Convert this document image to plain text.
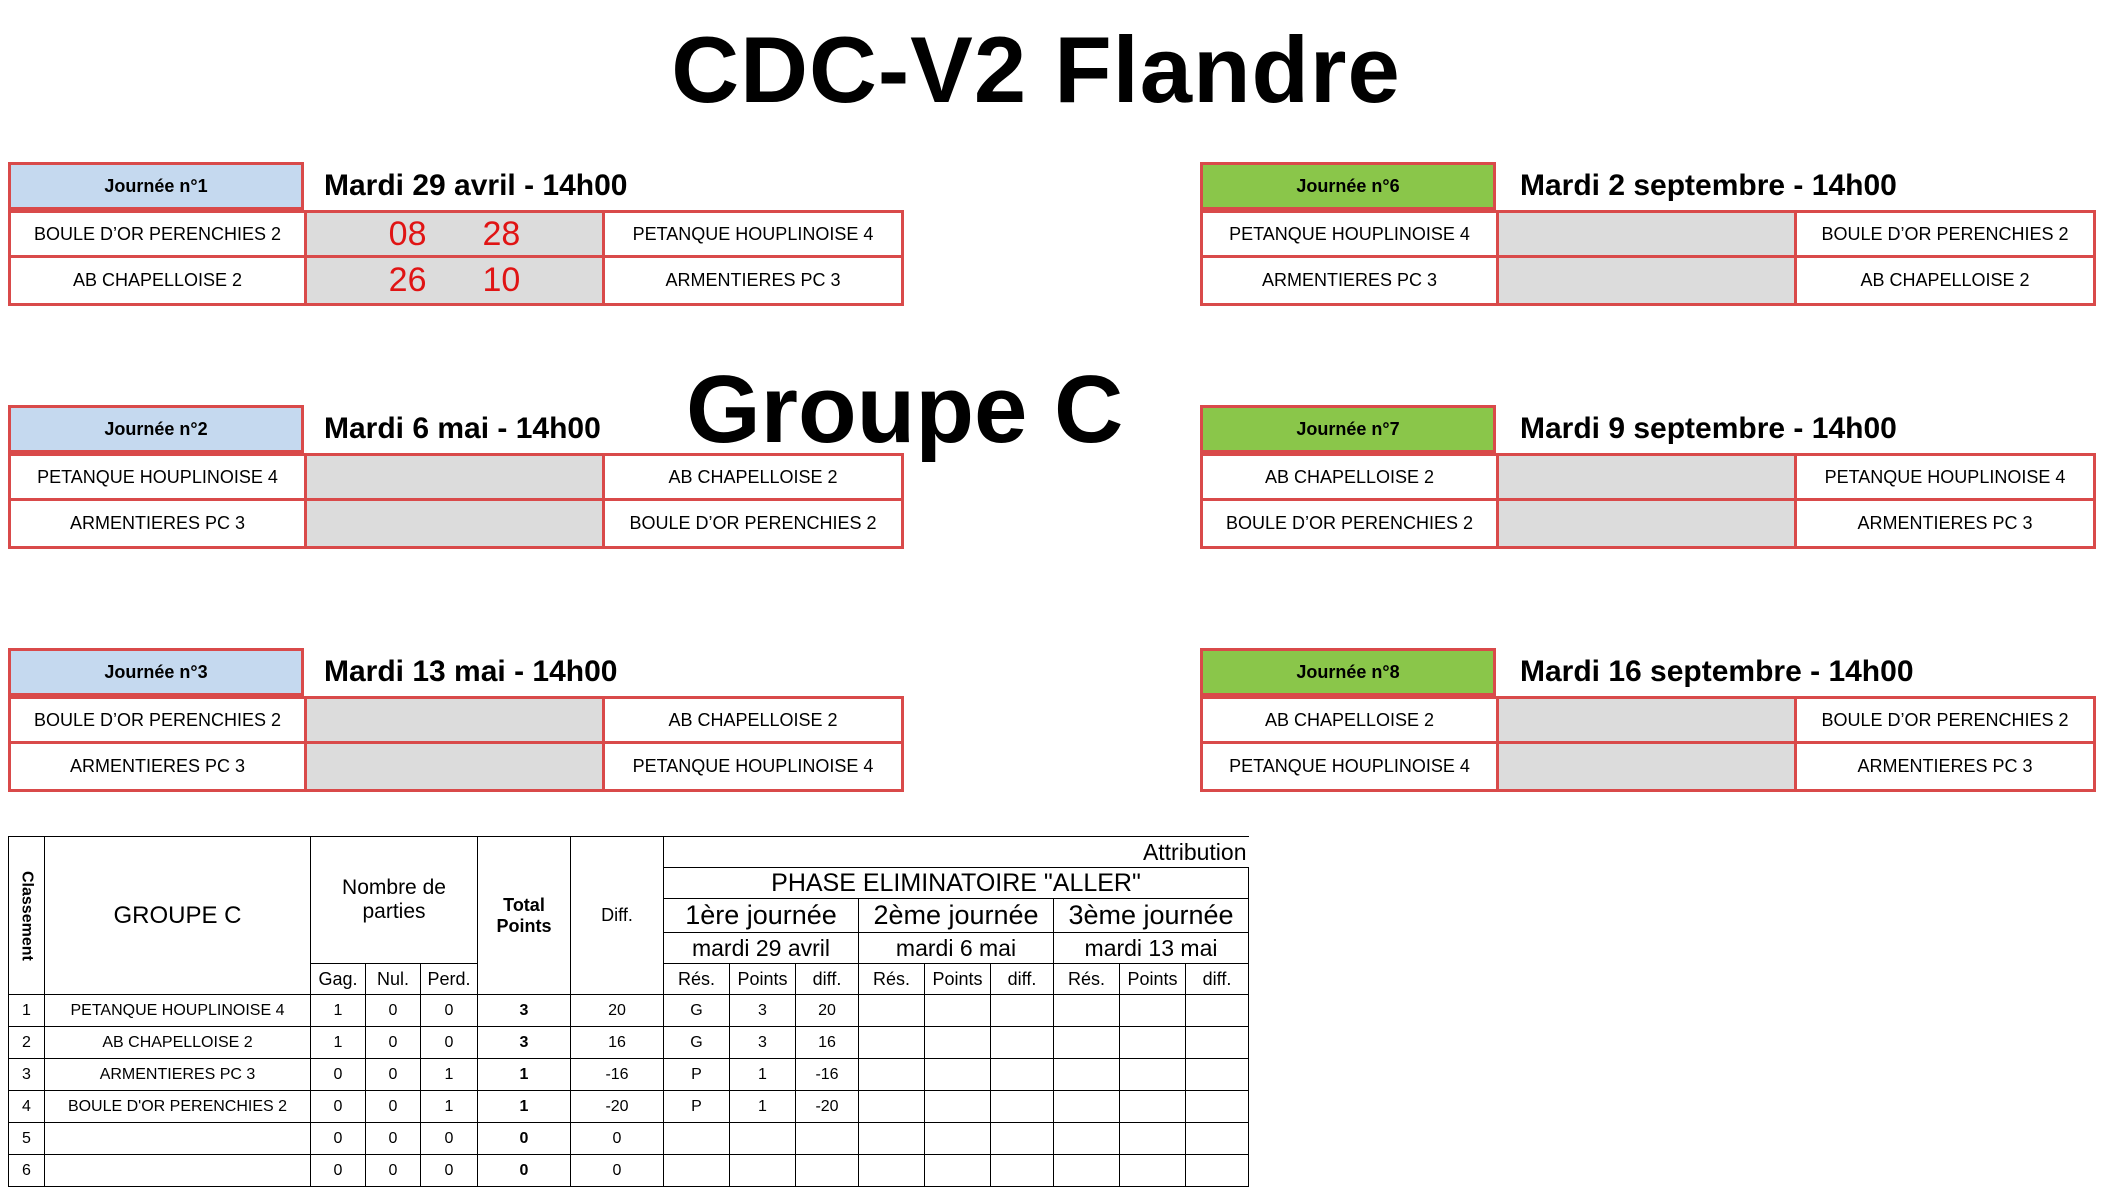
CDC-V2 Flandre
Groupe C
Journée n°1	Mardi 29 avril - 14h00
BOULE D’OR PERENCHIES 2	08 28	PETANQUE HOUPLINOISE 4
AB CHAPELLOISE 2	26 10	ARMENTIERES PC 3
Journée n°2	Mardi 6 mai - 14h00
PETANQUE HOUPLINOISE 4	AB CHAPELLOISE 2
ARMENTIERES PC 3	BOULE D’OR PERENCHIES 2
Journée n°3	Mardi 13 mai - 14h00
BOULE D’OR PERENCHIES 2	AB CHAPELLOISE 2
ARMENTIERES PC 3	PETANQUE HOUPLINOISE 4
Journée n°6	Mardi 2 septembre - 14h00
PETANQUE HOUPLINOISE 4	BOULE D’OR PERENCHIES 2
ARMENTIERES PC 3	AB CHAPELLOISE 2
Journée n°7	Mardi 9 septembre - 14h00
AB CHAPELLOISE 2	PETANQUE HOUPLINOISE 4
BOULE D’OR PERENCHIES 2	ARMENTIERES PC 3
Journée n°8	Mardi 16 septembre - 14h00
AB CHAPELLOISE 2	BOULE D’OR PERENCHIES 2
PETANQUE HOUPLINOISE 4	ARMENTIERES PC 3
Classement	GROUPE C	Nombre de parties			Total Points	Diff.	Attribution								
							PHASE ELIMINATOIRE "ALLER"								
							1ère journée			2ème journée			3ème journée		
							mardi 29 avril			mardi 6 mai			mardi 13 mai		
		Gag.	Nul.	Perd.			Rés.	Points	diff.	Rés.	Points	diff.	Rés.	Points	diff.
1	PETANQUE HOUPLINOISE 4	1	0	0	3	20	G	3	20						
2	AB CHAPELLOISE 2	1	0	0	3	16	G	3	16						
3	ARMENTIERES PC 3	0	0	1	1	-16	P	1	-16						
4	BOULE D'OR PERENCHIES 2	0	0	1	1	-20	P	1	-20						
5		0	0	0	0	0									
6		0	0	0	0	0									
